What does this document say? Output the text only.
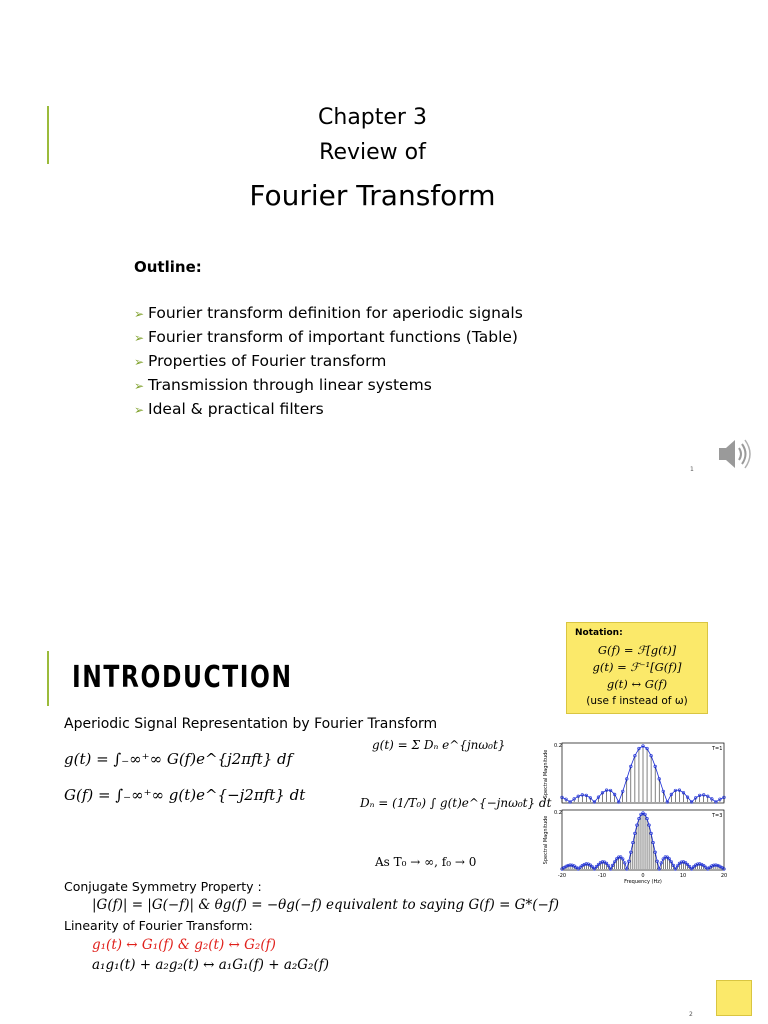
Chapter 3
Review of
Fourier Transform
Outline:
➢ Fourier transform definition for aperiodic signals
➢ Fourier transform of important functions (Table)
➢ Properties of Fourier transform
➢ Transmission through linear systems
➢ Ideal & practical filters
1
INTRODUCTION
Notation:
G(f) = ℱ[g(t)]
g(t) = ℱ⁻¹[G(f)]
g(t) ↔ G(f)
(use f instead of ω)
Aperiodic Signal Representation by Fourier Transform
g(t) = ∫₋∞⁺∞ G(f)e^{j2πft} df
G(f) = ∫₋∞⁺∞ g(t)e^{−j2πft} dt
g(t) = Σ Dₙ e^{jnω₀t}
Dₙ = (1/T₀) ∫ g(t)e^{−jnω₀t} dt
As T₀ → ∞, f₀ → 0
Spectral Magnitude
Spectral Magnitude
0.2
0.2
T=1
T=3
-20	-10	0	10	20
Frequency (Hz)
Conjugate Symmetry Property :
|G(f)| = |G(−f)| & θg(f) = −θg(−f) equivalent to saying G(f) = G*(−f)
Linearity of Fourier Transform:
g₁(t) ↔ G₁(f) & g₂(t) ↔ G₂(f)
a₁g₁(t) + a₂g₂(t) ↔ a₁G₁(f) + a₂G₂(f)
2
